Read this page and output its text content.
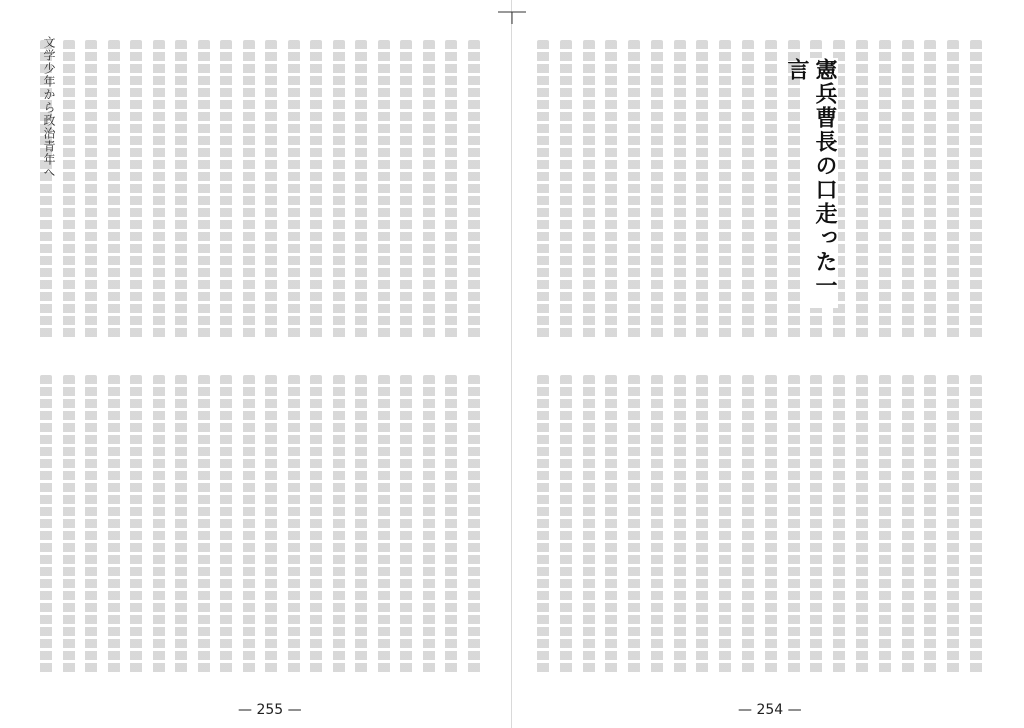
文学少年から政治青年へ
— 255 —
憲兵曹長の口走った一言
— 254 —
